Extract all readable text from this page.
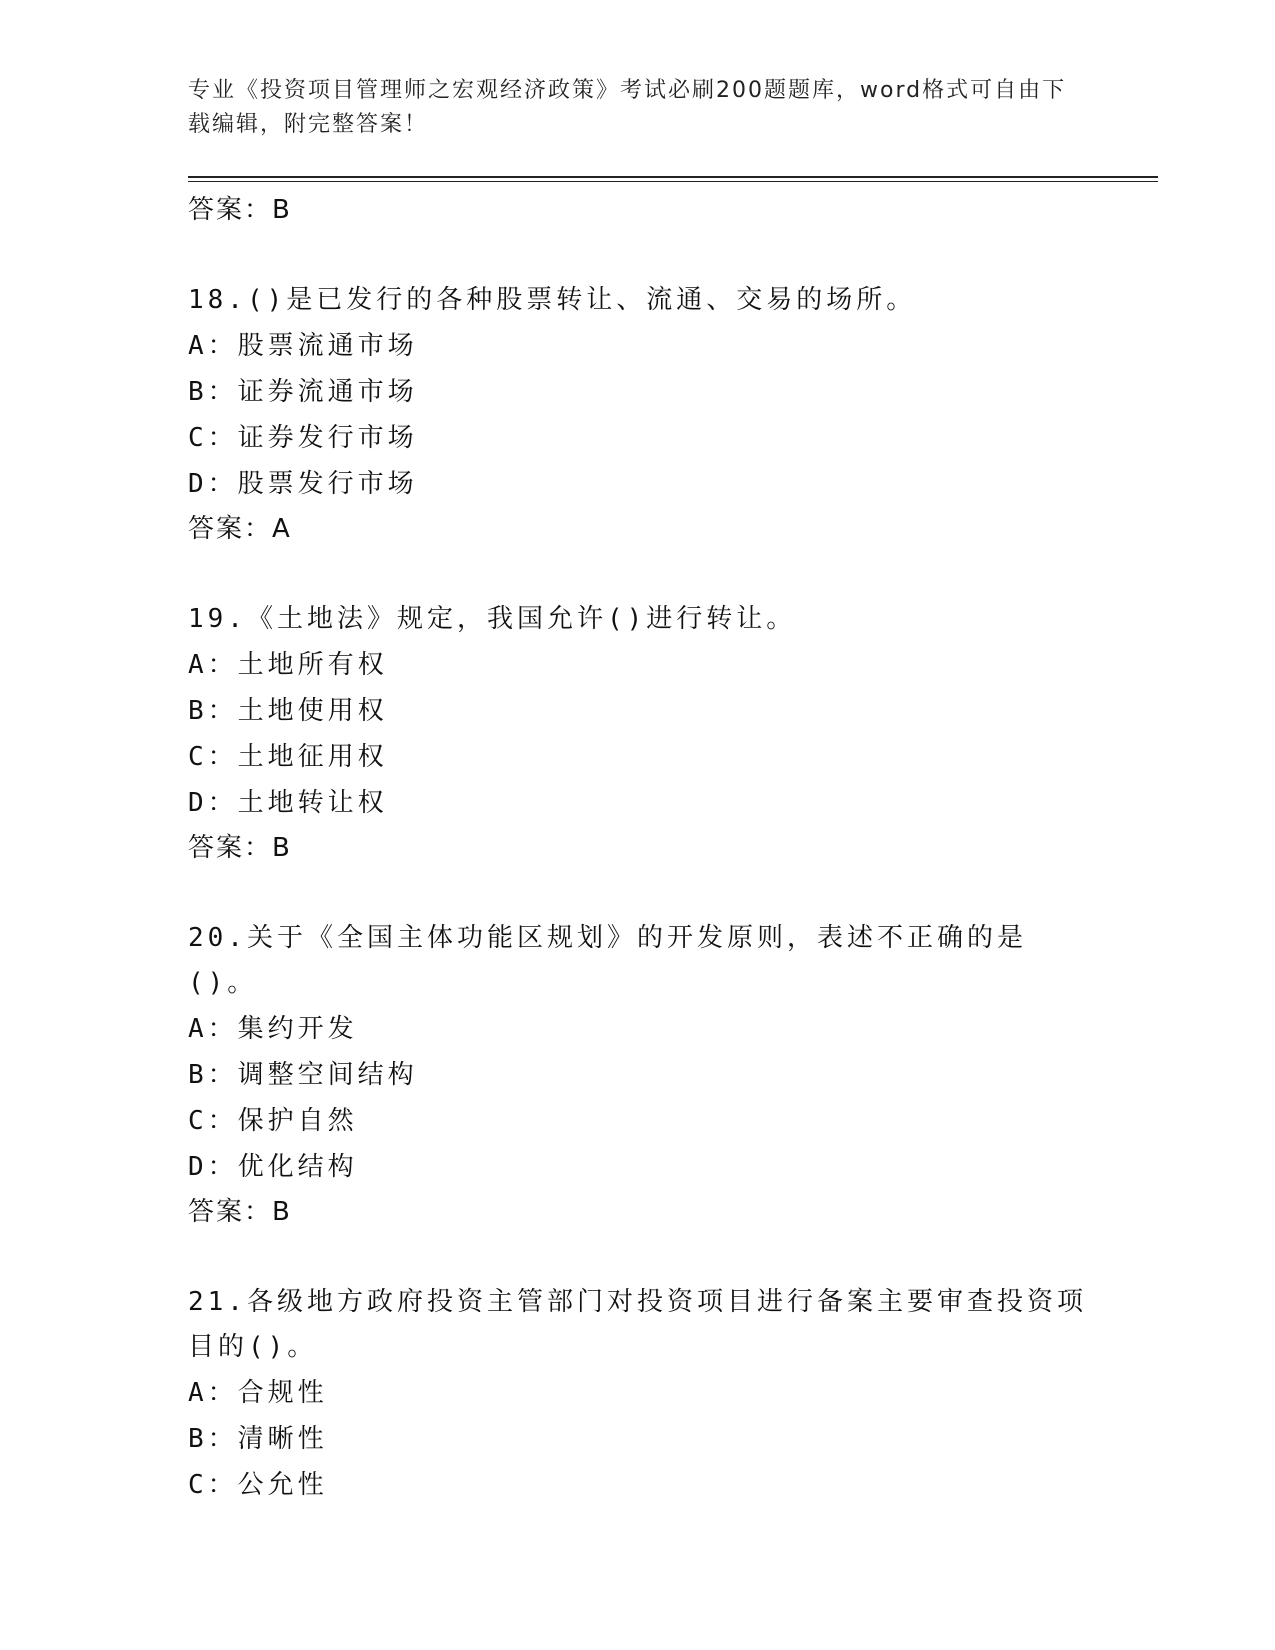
专业《投资项目管理师之宏观经济政策》考试必刷200题题库，word格式可自由下载编辑，附完整答案！
答案：B
18.()是已发行的各种股票转让、流通、交易的场所。
A：股票流通市场
B：证券流通市场
C：证券发行市场
D：股票发行市场
答案：A
19.《土地法》规定，我国允许()进行转让。
A：土地所有权
B：土地使用权
C：土地征用权
D：土地转让权
答案：B
20.关于《全国主体功能区规划》的开发原则，表述不正确的是()。
A：集约开发
B：调整空间结构
C：保护自然
D：优化结构
答案：B
21.各级地方政府投资主管部门对投资项目进行备案主要审查投资项目的()。
A：合规性
B：清晰性
C：公允性
